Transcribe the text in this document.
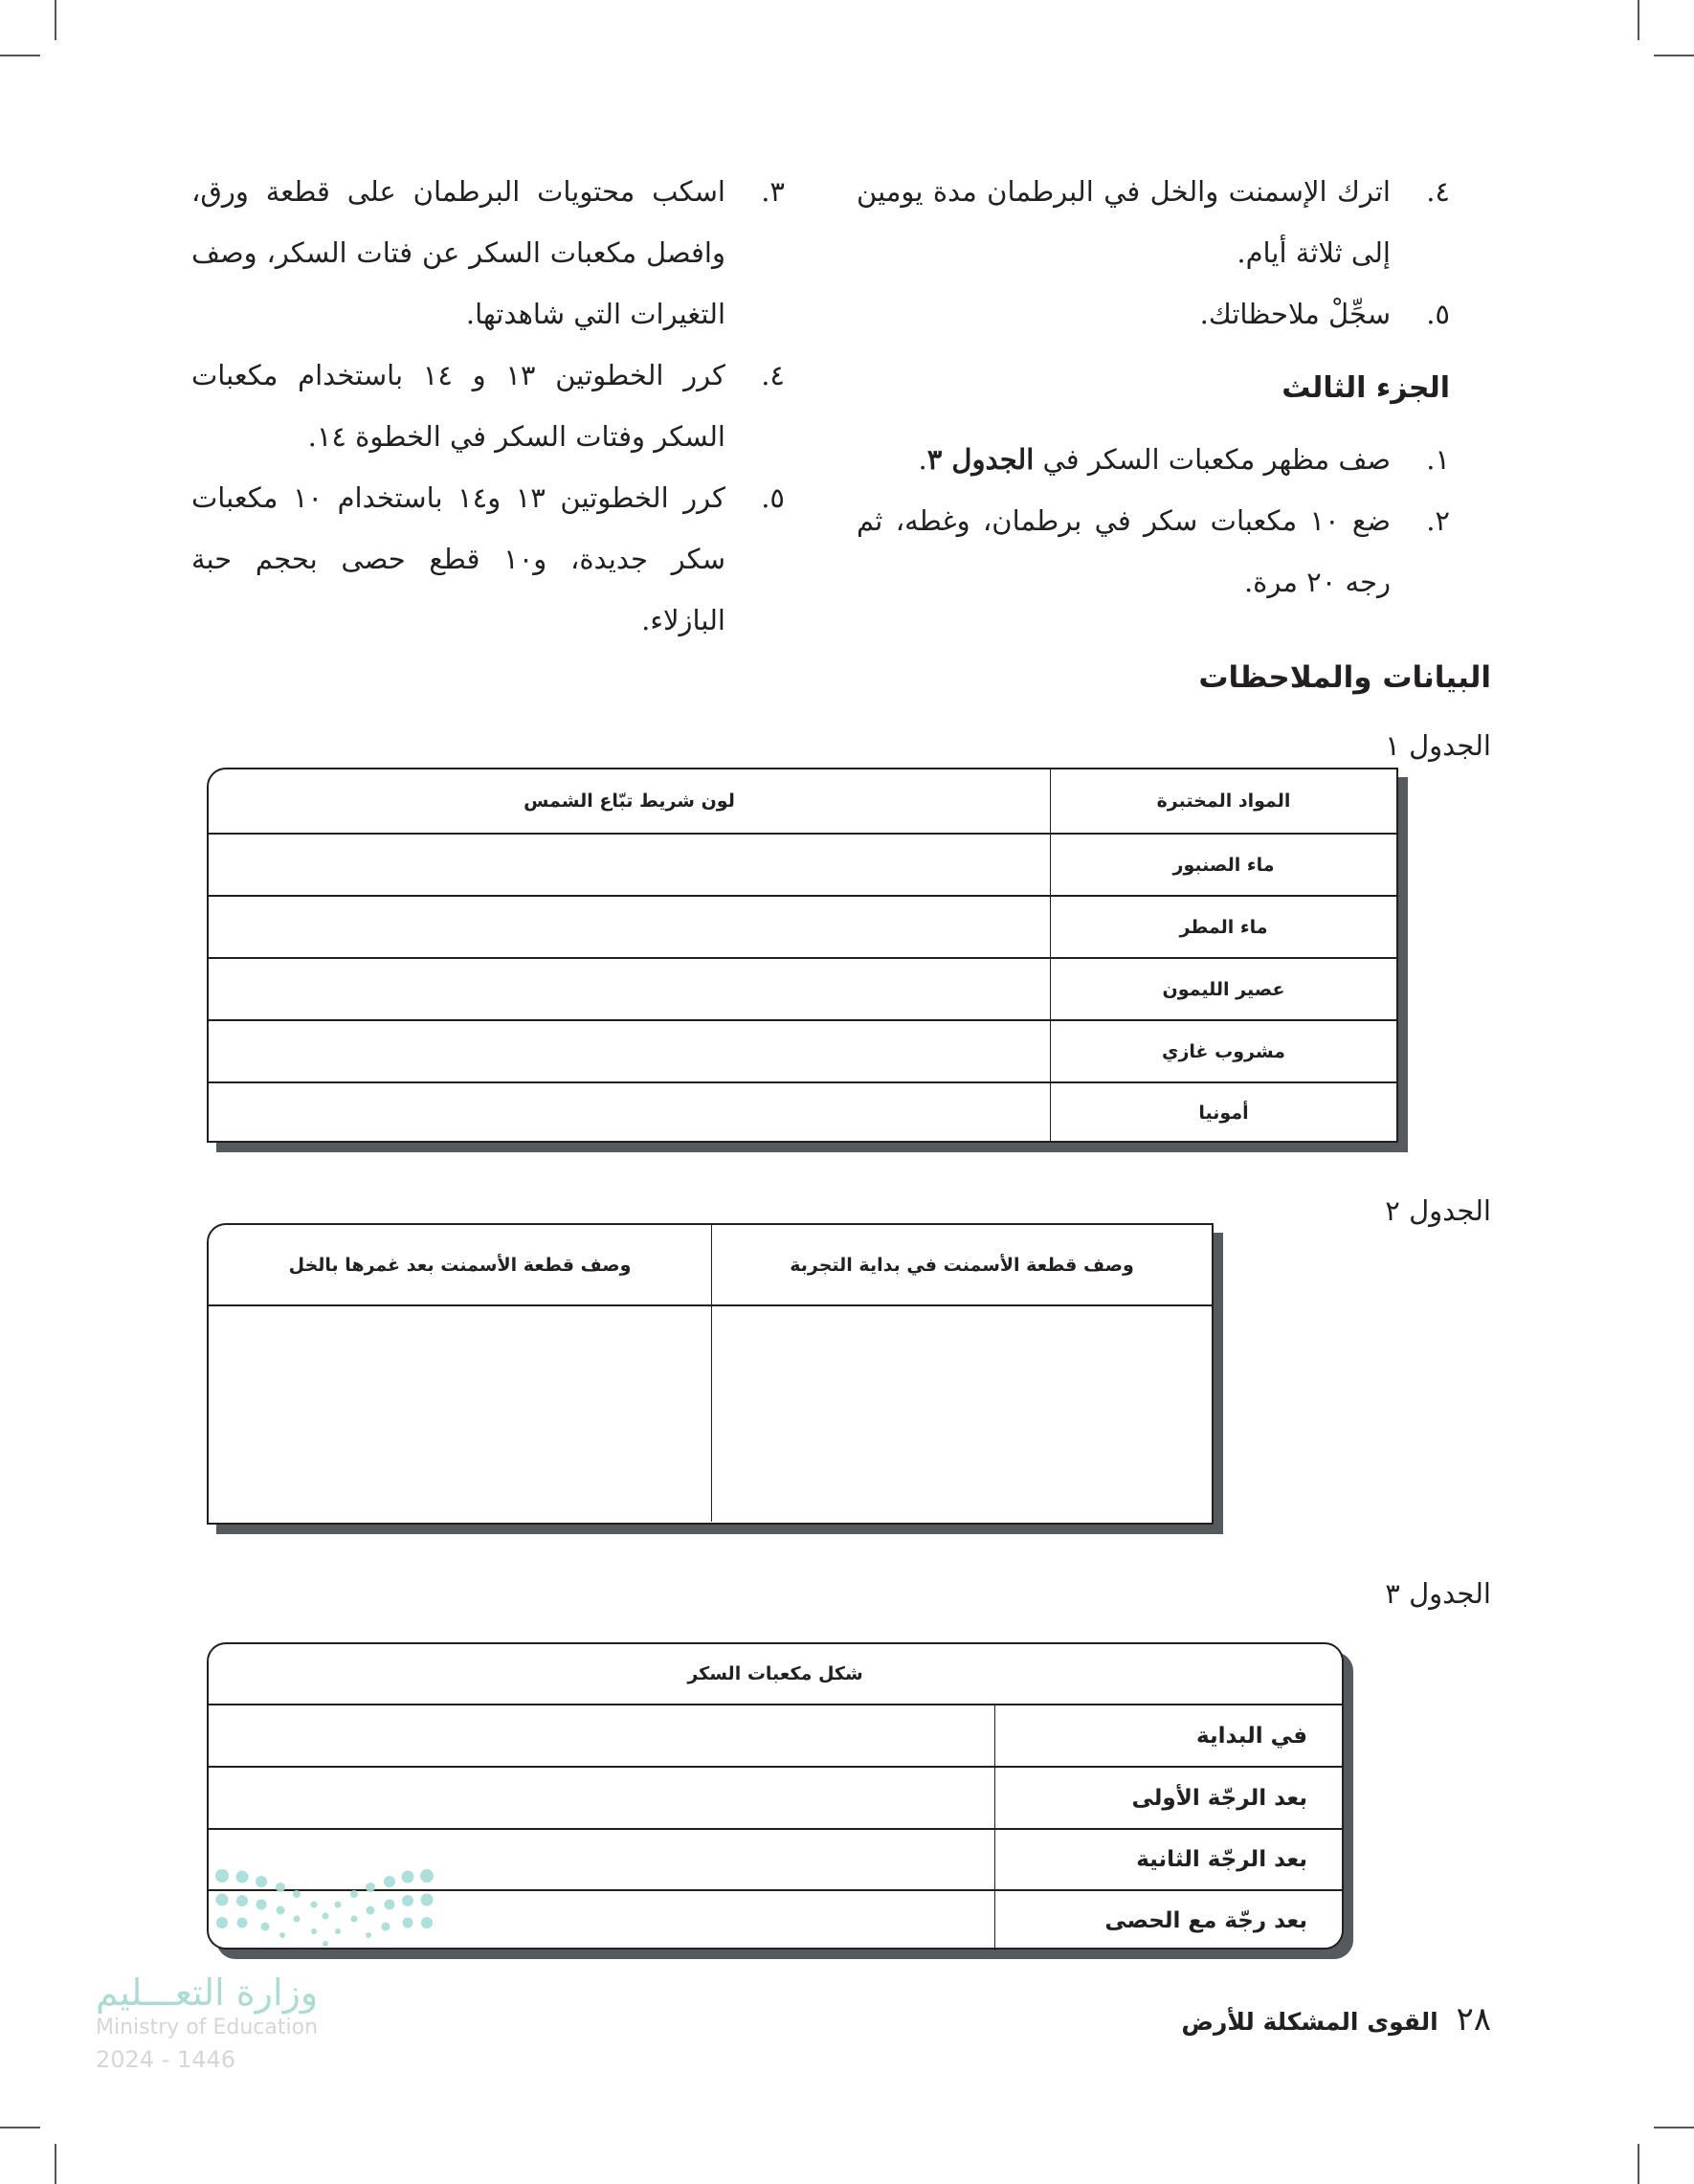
٤.
اترك الإسمنت والخل في البرطمان مدة يومين إلى ثلاثة أيام.
٥.
سجِّلْ ملاحظاتك.
الجزء الثالث
١.
صف مظهر مكعبات السكر في الجدول ٣.
٢.
ضع ١٠ مكعبات سكر في برطمان، وغطه، ثم رجه ٢٠ مرة.
٣.
اسكب محتويات البرطمان على قطعة ورق، وافصل مكعبات السكر عن فتات السكر، وصف التغيرات التي شاهدتها.
٤.
كرر الخطوتين ١٣ و ١٤ باستخدام مكعبات السكر وفتات السكر في الخطوة ١٤.
٥.
كرر الخطوتين ١٣ و١٤ باستخدام ١٠ مكعبات سكر جديدة، و١٠ قطع حصى بحجم حبة البازلاء.
البيانات والملاحظات
الجدول ١
المواد المختبرة
لون شريط تبّاع الشمس
ماء الصنبور
ماء المطر
عصير الليمون
مشروب غازي
أمونيا
الجدول ٢
وصف قطعة الأسمنت في بداية التجربة
وصف قطعة الأسمنت بعد غمرها بالخل
الجدول ٣
شكل مكعبات السكر
في البداية
بعد الرجّة الأولى
بعد الرجّة الثانية
بعد رجّة مع الحصى
وزارة التعـــليم
Ministry of Education
2024 - 1446
٢٨ القوى المشكلة للأرض
